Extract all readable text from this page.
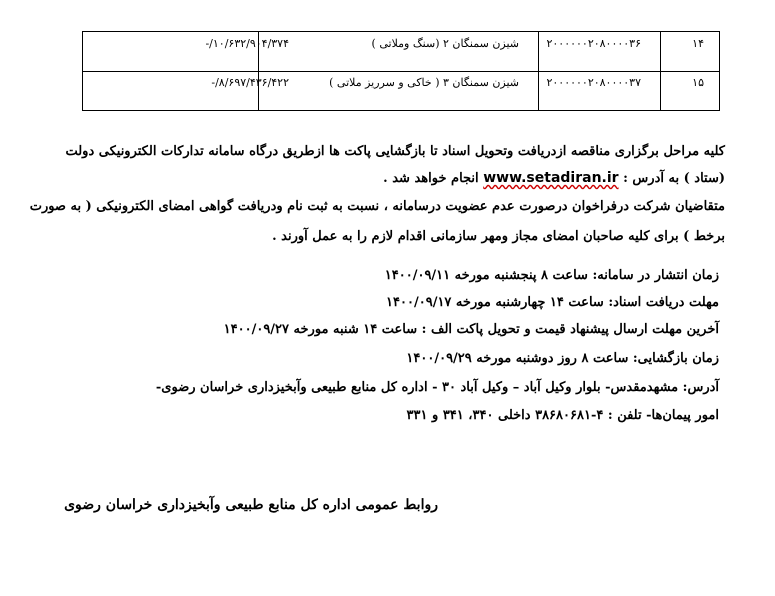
۱۴
۲۰۰۰۰۰۰۲۰۸۰۰۰۰۳۶
شیزن سمنگان ۲ (سنگ وملاتی )
-/۱۰/۶۳۲/۹۰۴/۳۷۴
۱۵
۲۰۰۰۰۰۰۲۰۸۰۰۰۰۳۷
شیزن سمنگان ۳ ( خاکی و سرریز ملاتی )
-/۸/۶۹۷/۴۳۶/۴۲۲
کلیه مراحل برگزاری مناقصه ازدریافت وتحویل اسناد تا بازگشایی پاکت ها ازطریق درگاه سامانه تدارکات الکترونیکی دولت
(ستاد ) به آدرس : www.setadiran.ir انجام خواهد شد .
متقاضیان شرکت درفراخوان درصورت عدم عضویت درسامانه ، نسبت به ثبت نام ودریافت گواهی امضای الکترونیکی ( به صورت
برخط ) برای کلیه صاحبان امضای مجاز ومهر سازمانی اقدام لازم را به عمل آورند .
زمان انتشار در سامانه: ساعت ۸ پنجشنبه مورخه ۱۴۰۰/۰۹/۱۱
مهلت دریافت اسناد: ساعت ۱۴ چهارشنبه مورخه ۱۴۰۰/۰۹/۱۷
آخرین مهلت ارسال پیشنهاد قیمت و تحویل پاکت الف : ساعت ۱۴ شنبه مورخه ۱۴۰۰/۰۹/۲۷
زمان بازگشایی: ساعت ۸ روز دوشنبه مورخه ۱۴۰۰/۰۹/۲۹
آدرس: مشهدمقدس- بلوار وکیل آباد – وکیل آباد ۳۰ - اداره کل منابع طبیعی وآبخیزداری خراسان رضوی-
امور پیمان‌ها- تلفن : ۴-۳۸۶۸۰۶۸۱ داخلی ۳۴۰، ۳۴۱ و ۳۳۱
روابط عمومی اداره کل منابع طبیعی وآبخیزداری خراسان رضوی
